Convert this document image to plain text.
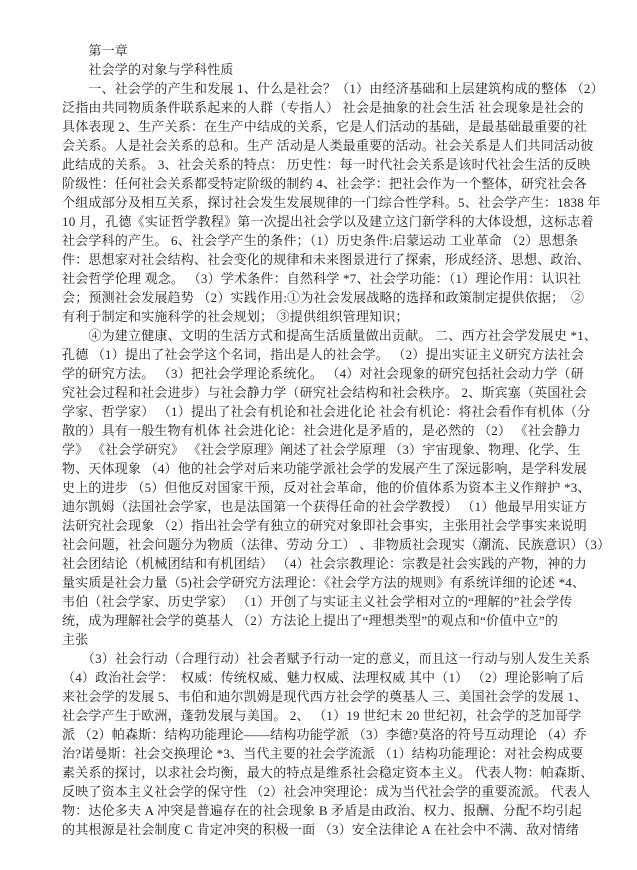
　　第一章
　　社会学的对象与学科性质
　　一、社会学的产生和发展 1、什么是社会？（1）由经济基础和上层建筑构成的整体 （2）
泛指由共同物质条件联系起来的人群（专指人） 社会是抽象的社会生活 社会现象是社会的
具体表现 2、生产关系：在生产中结成的关系，它是人们活动的基础，是最基础最重要的社
会关系。人是社会关系的总和。生产 活动是人类最重要的活动。社会关系是人们共同活动彼
此结成的关系。 3、社会关系的特点： 历史性：每一时代社会关系是该时代社会生活的反映
阶级性：任何社会关系都受特定阶级的制约 4、社会学：把社会作为一个整体，研究社会各
个组成部分及相互关系，探讨社会发生发展规律的一门综合性学科。5、社会学产生：1838 年
10 月，孔德《实证哲学教程》第一次提出社会学以及建立这门新学科的大体设想，这标志着
社会学科的产生。 6、社会学产生的条件；（1）历史条件:启蒙运动 工业革命 （2）思想条
件：思想家对社会结构、社会变化的规律和未来图景进行了探索，形成经济、思想、政治、
社会哲学伦理 观念。 （3）学术条件：自然科学 *7、社会学功能：（1）理论作用：认识社
会；预测社会发展趋势 （2）实践作用:①为社会发展战略的选择和政策制定提供依据；　②
有利于制定和实施科学的社会规划； ③提供组织管理知识；
　　④为建立健康、文明的生活方式和提高生活质量做出贡献。 二、西方社会学发展史 *1、
孔德 （1）提出了社会学这个名词，指出是人的社会学。 （2）提出实证主义研究方法社会
学的研究方法。 （3）把社会学理论系统化。 （4）对社会现象的研究包括社会动力学（研
究社会过程和社会进步）与社会静力学（研究社会结构和社会秩序。 2、斯宾塞（英国社会
学家、哲学家） （1）提出了社会有机论和社会进化论 社会有机论：将社会看作有机体（分
散的）具有一般生物有机体 社会进化论：社会进化是矛盾的，是必然的 （2） 《社会静力
学》 《社会学研究》 《社会学原理》阐述了社会学原理 （3）宇宙现象、物理、化学、生
物、天体现象 （4）他的社会学对后来功能学派社会学的发展产生了深远影响，是学科发展
史上的进步 （5）但他反对国家干预，反对社会革命，他的价值体系为资本主义作辩护 *3、
迪尔凯姆（法国社会学家，也是法国第一个获得任命的社会学教授） （1）他最早用实证方
法研究社会现象 （2）指出社会学有独立的研究对象即社会事实，主张用社会学事实来说明
社会问题，社会问题分为物质（法律、劳动 分工） 、非物质社会现实（潮流、民族意识）（3）
社会团结论（机械团结和有机团结） （4）社会宗教理论：宗教是社会实践的产物，神的力
量实质是社会力量（5)社会学研究方法理论：《社会学方法的规则》有系统详细的论述 *4、
韦伯（社会学家、历史学家） （1）开创了与实证主义社会学相对立的“理解的”社会学传
统，成为理解社会学的奠基人 （2）方法论上提出了“理想类型”的观点和“价值中立”的
主张
　　（3）社会行动（合理行动）社会者赋予行动一定的意义，而且这一行动与别人发生关系
（4）政治社会学：　权威：传统权威、魅力权威、法理权威 其中（1） （2）理论影响了后
来社会学的发展 5、韦伯和迪尔凯姆是现代西方社会学的奠基人 三、美国社会学的发展 1、
社会学产生于欧洲，蓬勃发展与美国。 2、 （1）19 世纪末 20 世纪初，社会学的芝加哥学
派 （2）帕森斯：结构功能理论——结构功能学派 （3）李德?莫洛的符号互动理论 （4）乔
治?诺曼斯：社会交换理论 *3、当代主要的社会学流派 （1）结构功能理论：对社会构成要
素关系的探讨，以求社会均衡，最大的特点是维系社会稳定资本主义。 代表人物：帕森斯、
反映了资本主义社会学的保守性 （2）社会冲突理论：成为当代社会学的重要流派。 代表人
物：达伦多夫 A 冲突是普遍存在的社会现象 B 矛盾是由政治、权力、报酬、分配不均引起
的其根源是社会制度 C 肯定冲突的积极一面 （3）安全法律论 A 在社会中不满、敌对情绪
